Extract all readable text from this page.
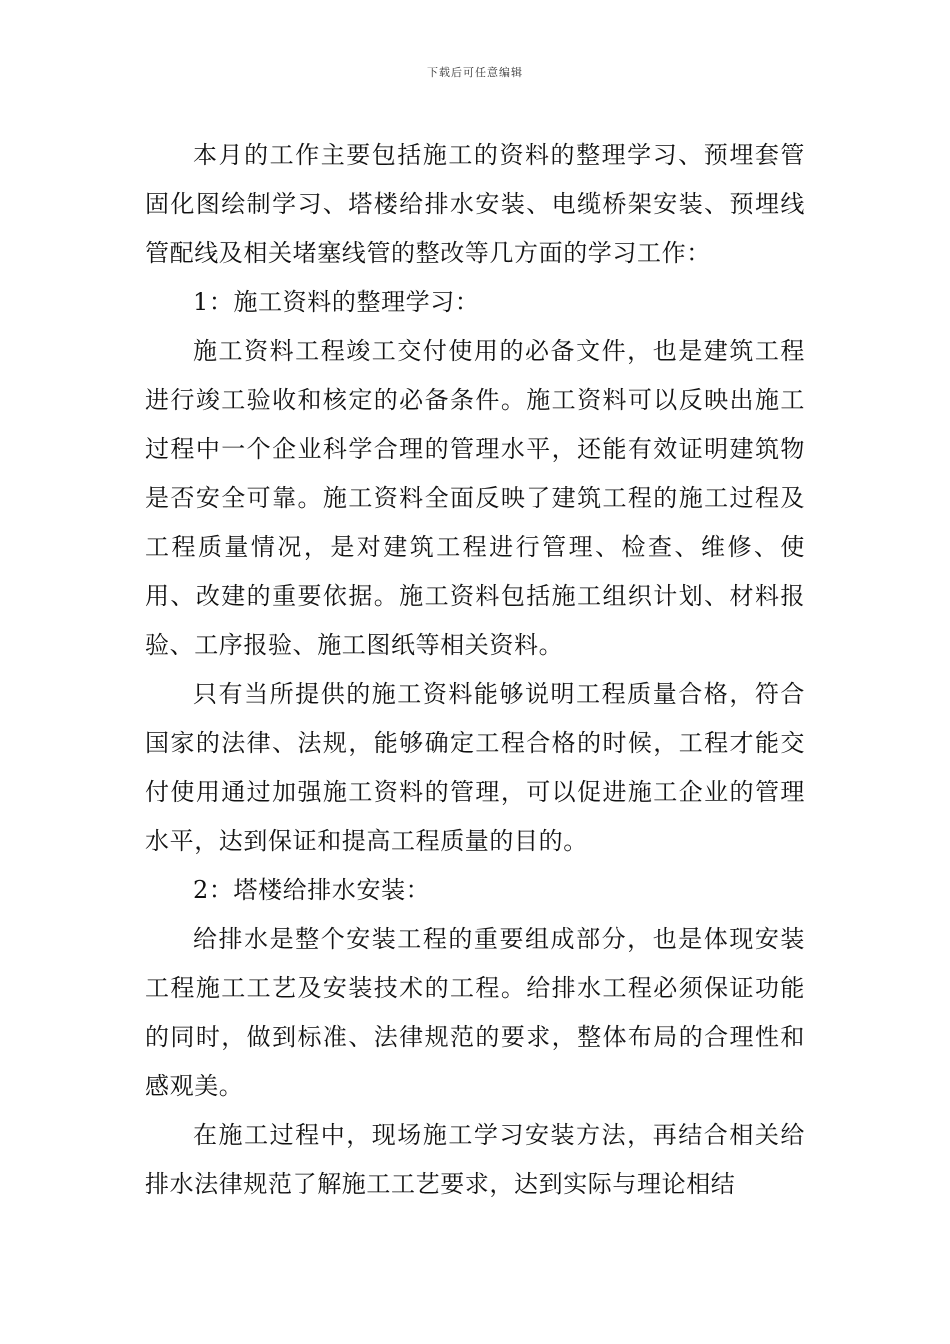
下载后可任意编辑

本月的工作主要包括施工的资料的整理学习、预埋套管固化图绘制学习、塔楼给排水安装、电缆桥架安装、预埋线管配线及相关堵塞线管的整改等几方面的学习工作：

1：施工资料的整理学习：

施工资料工程竣工交付使用的必备文件，也是建筑工程进行竣工验收和核定的必备条件。施工资料可以反映出施工过程中一个企业科学合理的管理水平，还能有效证明建筑物是否安全可靠。施工资料全面反映了建筑工程的施工过程及工程质量情况，是对建筑工程进行管理、检查、维修、使用、改建的重要依据。施工资料包括施工组织计划、材料报验、工序报验、施工图纸等相关资料。

只有当所提供的施工资料能够说明工程质量合格，符合国家的法律、法规，能够确定工程合格的时候，工程才能交付使用通过加强施工资料的管理，可以促进施工企业的管理水平，达到保证和提高工程质量的目的。

2：塔楼给排水安装：

给排水是整个安装工程的重要组成部分，也是体现安装工程施工工艺及安装技术的工程。给排水工程必须保证功能的同时，做到标准、法律规范的要求，整体布局的合理性和感观美。

在施工过程中，现场施工学习安装方法，再结合相关给排水法律规范了解施工工艺要求，达到实际与理论相结
